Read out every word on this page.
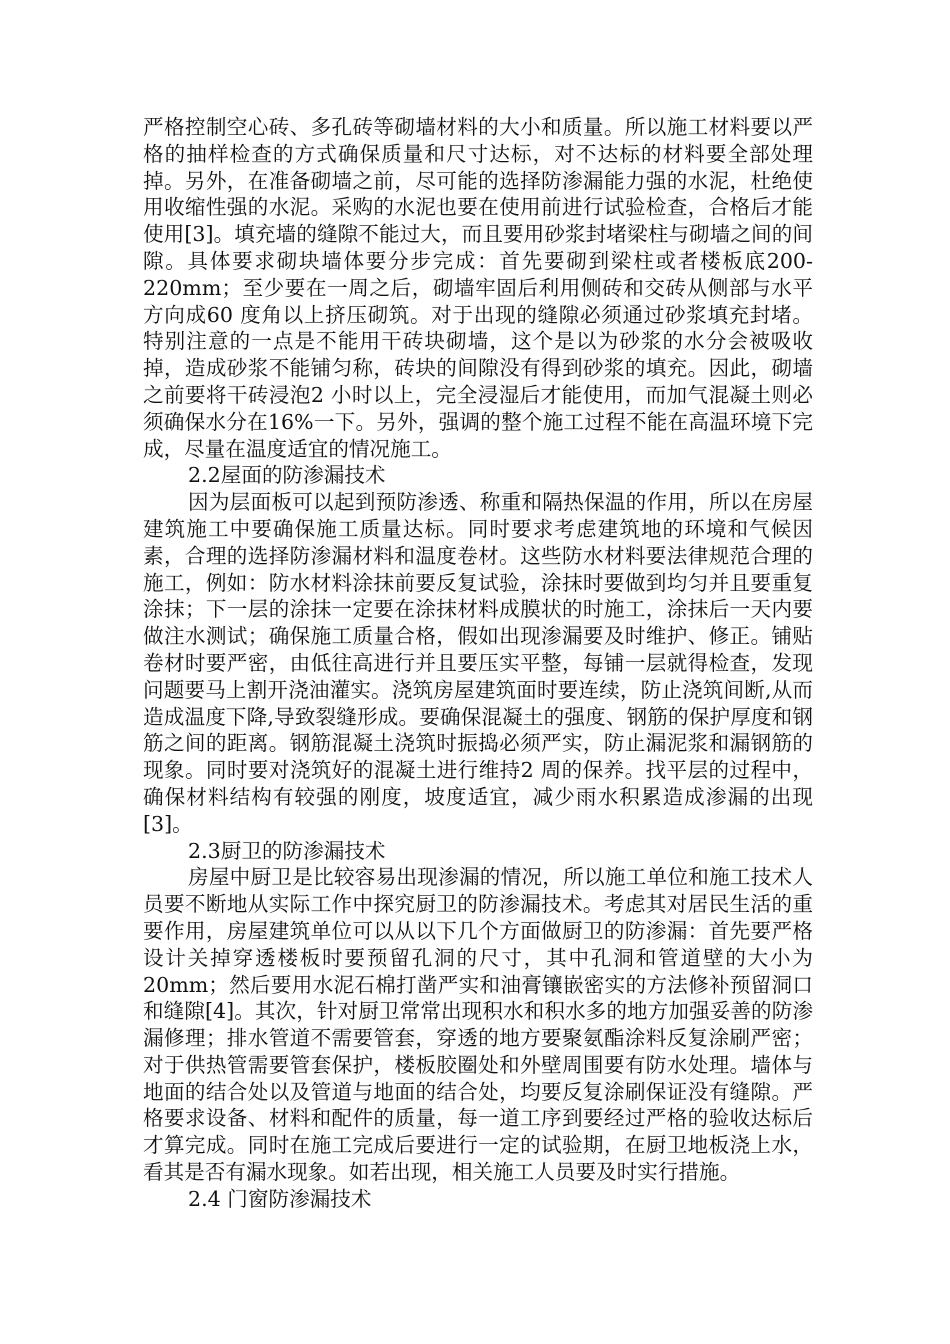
严格控制空心砖、多孔砖等砌墙材料的大小和质量。所以施工材料要以严格的抽样检查的方式确保质量和尺寸达标，对不达标的材料要全部处理掉。另外，在准备砌墙之前，尽可能的选择防渗漏能力强的水泥，杜绝使用收缩性强的水泥。采购的水泥也要在使用前进行试验检查，合格后才能使用[3]。填充墙的缝隙不能过大，而且要用砂浆封堵梁柱与砌墙之间的间隙。具体要求砌块墙体要分步完成：首先要砌到梁柱或者楼板底200-220mm；至少要在一周之后，砌墙牢固后利用侧砖和交砖从侧部与水平方向成60 度角以上挤压砌筑。对于出现的缝隙必须通过砂浆填充封堵。特别注意的一点是不能用干砖块砌墙，这个是以为砂浆的水分会被吸收掉，造成砂浆不能铺匀称，砖块的间隙没有得到砂浆的填充。因此，砌墙之前要将干砖浸泡2 小时以上，完全浸湿后才能使用，而加气混凝土则必须确保水分在16%一下。另外，强调的整个施工过程不能在高温环境下完成，尽量在温度适宜的情况施工。

2.2屋面的防渗漏技术

因为层面板可以起到预防渗透、称重和隔热保温的作用，所以在房屋建筑施工中要确保施工质量达标。同时要求考虑建筑地的环境和气候因素，合理的选择防渗漏材料和温度卷材。这些防水材料要法律规范合理的施工，例如：防水材料涂抹前要反复试验，涂抹时要做到均匀并且要重复涂抹；下一层的涂抹一定要在涂抹材料成膜状的时施工，涂抹后一天内要做注水测试；确保施工质量合格，假如出现渗漏要及时维护、修正。铺贴卷材时要严密，由低往高进行并且要压实平整，每铺一层就得检查，发现问题要马上割开浇油灌实。浇筑房屋建筑面时要连续，防止浇筑间断,从而造成温度下降,导致裂缝形成。要确保混凝土的强度、钢筋的保护厚度和钢筋之间的距离。钢筋混凝土浇筑时振捣必须严实，防止漏泥浆和漏钢筋的现象。同时要对浇筑好的混凝土进行维持2 周的保养。找平层的过程中，确保材料结构有较强的刚度，坡度适宜，减少雨水积累造成渗漏的出现[3]。

2.3厨卫的防渗漏技术

房屋中厨卫是比较容易出现渗漏的情况，所以施工单位和施工技术人员要不断地从实际工作中探究厨卫的防渗漏技术。考虑其对居民生活的重要作用，房屋建筑单位可以从以下几个方面做厨卫的防渗漏：首先要严格设计关掉穿透楼板时要预留孔洞的尺寸，其中孔洞和管道壁的大小为20mm；然后要用水泥石棉打凿严实和油膏镶嵌密实的方法修补预留洞口和缝隙[4]。其次，针对厨卫常常出现积水和积水多的地方加强妥善的防渗漏修理；排水管道不需要管套，穿透的地方要聚氨酯涂料反复涂刷严密；对于供热管需要管套保护，楼板胶圈处和外壁周围要有防水处理。墙体与地面的结合处以及管道与地面的结合处，均要反复涂刷保证没有缝隙。严格要求设备、材料和配件的质量，每一道工序到要经过严格的验收达标后才算完成。同时在施工完成后要进行一定的试验期，在厨卫地板浇上水，看其是否有漏水现象。如若出现，相关施工人员要及时实行措施。

2.4 门窗防渗漏技术
